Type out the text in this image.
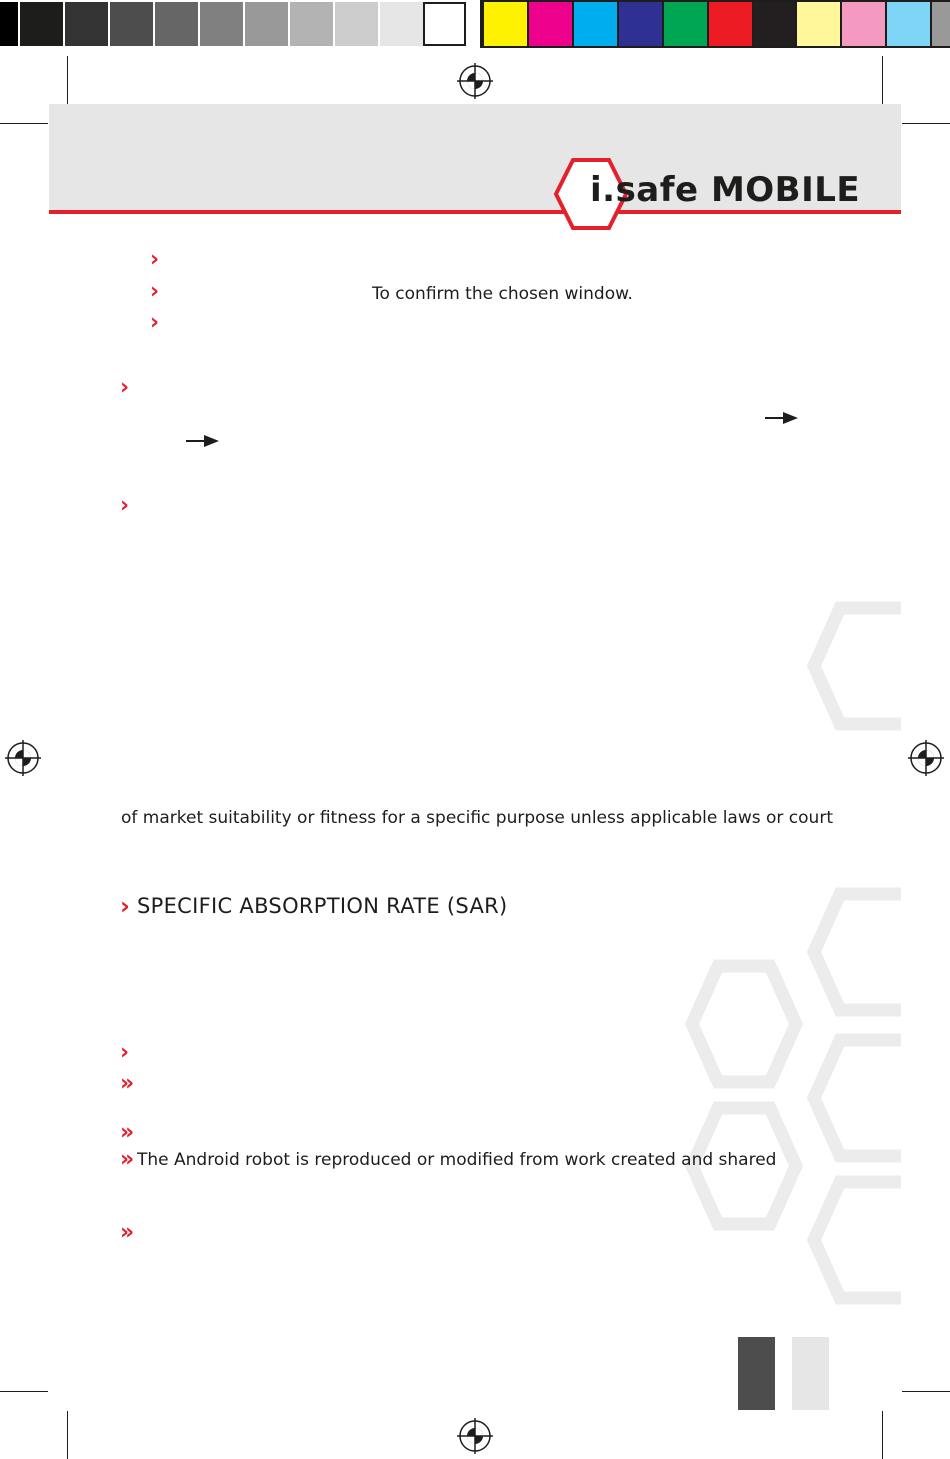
i.safe MOBILE
›
›	To confirm the chosen window.
›
›
›
of market suitability or fitness for a specific purpose unless applicable laws or court
› SPECIFIC ABSORPTION RATE (SAR)
›
»
»
» The Android robot is reproduced or modified from work created and shared
»
